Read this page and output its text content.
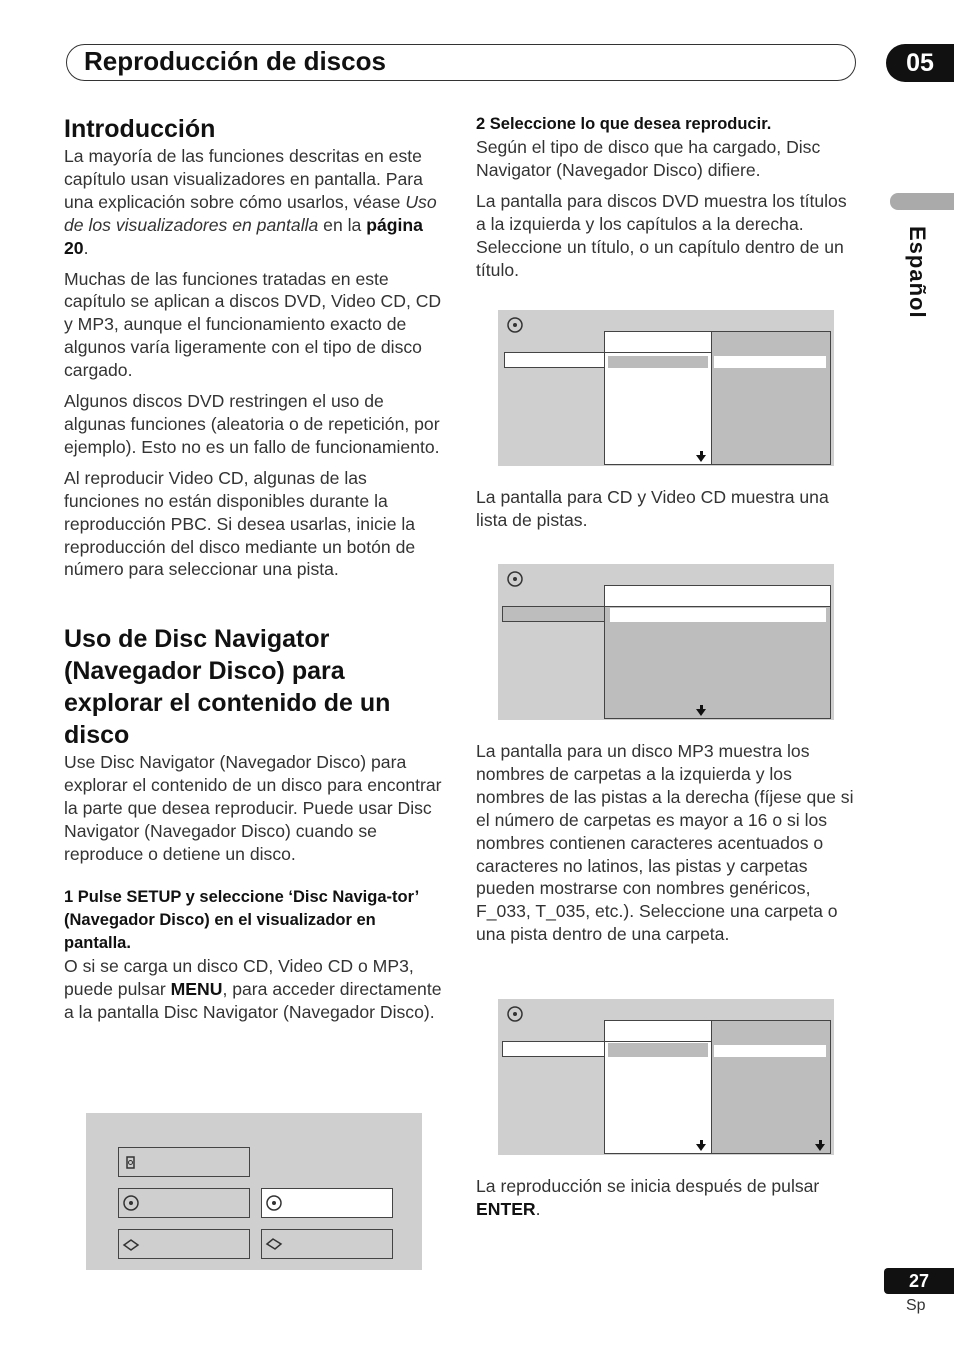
Reproducción de discos	05
Español
27
Sp
Introducción

La mayoría de las funciones descritas en este capítulo usan visualizadores en pantalla. Para una explicación sobre cómo usarlos, véase Uso de los visualizadores en pantalla en la página 20.

Muchas de las funciones tratadas en este capítulo se aplican a discos DVD, Video CD, CD y MP3, aunque el funcionamiento exacto de algunos varía ligeramente con el tipo de disco cargado.

Algunos discos DVD restringen el uso de algunas funciones (aleatoria o de repetición, por ejemplo). Esto no es un fallo de funcionamiento.

Al reproducir Video CD, algunas de las funciones no están disponibles durante la reproducción PBC. Si desea usarlas, inicie la reproducción del disco mediante un botón de número para seleccionar una pista.

Uso de Disc Navigator (Navegador Disco) para explorar el contenido de un disco

Use Disc Navigator (Navegador Disco) para explorar el contenido de un disco para encontrar la parte que desea reproducir. Puede usar Disc Navigator (Navegador Disco) cuando se reproduce o detiene un disco.

1 Pulse SETUP y seleccione ‘Disc Naviga-tor’ (Navegador Disco) en el visualizador en pantalla.

O si se carga un disco CD, Video CD o MP3, puede pulsar MENU, para acceder directamente a la pantalla Disc Navigator (Navegador Disco).

2 Seleccione lo que desea reproducir.

Según el tipo de disco que ha cargado, Disc Navigator (Navegador Disco) difiere.

La pantalla para discos DVD muestra los títulos a la izquierda y los capítulos a la derecha. Seleccione un título, o un capítulo dentro de un título.

La pantalla para CD y Video CD muestra una lista de pistas.

La pantalla para un disco MP3 muestra los nombres de carpetas a la izquierda y los nombres de las pistas a la derecha (fíjese que si el número de carpetas es mayor a 16 o si los nombres contienen caracteres acentuados o caracteres no latinos, las pistas y carpetas pueden mostrarse con nombres genéricos, F_033, T_035, etc.). Seleccione una carpeta o una pista dentro de una carpeta.

La reproducción se inicia después de pulsar ENTER.
